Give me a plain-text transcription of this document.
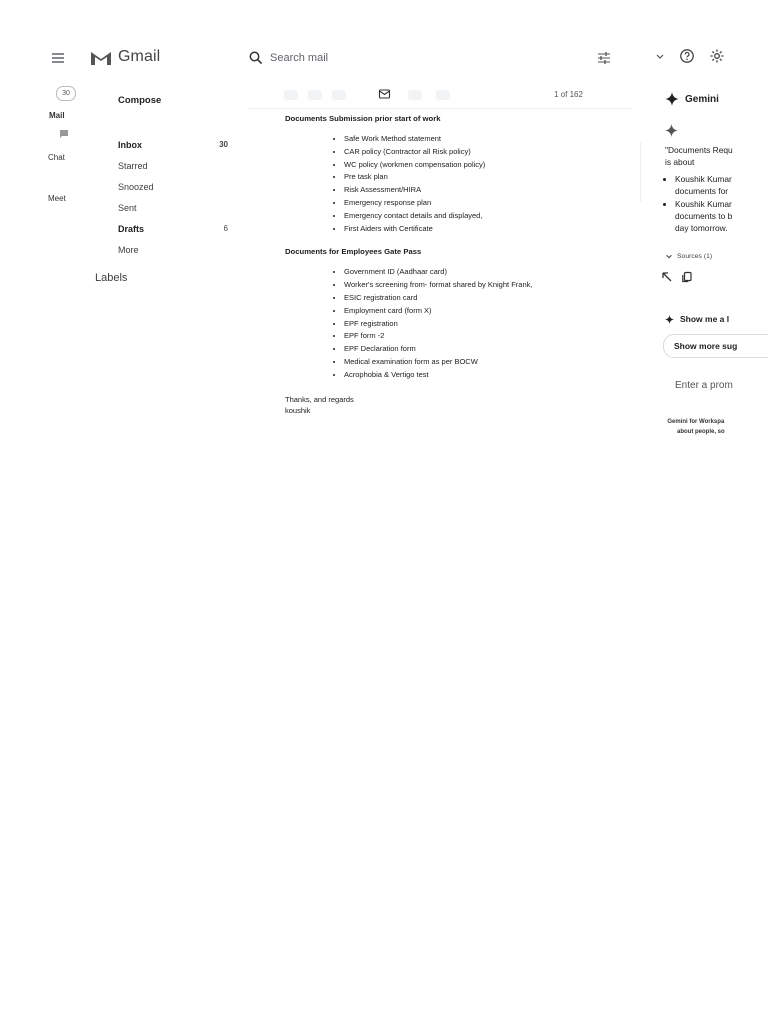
Gmail	Search mail
30
Mail
Chat
Meet
Compose
Inbox	30
Starred
Snoozed
Sent
Drafts	6
More
Labels
1 of 162

Documents Submission prior start of work

• Safe Work Method statement
• CAR policy (Contractor all Risk policy)
• WC policy (workmen compensation policy)
• Pre task plan
• Risk Assessment/HIRA
• Emergency response plan
• Emergency contact details and displayed,
• First Aiders with Certificate

Documents for Employees Gate Pass

• Government ID (Aadhaar card)
• Worker's screening from- format shared by Knight Frank,
• ESIC registration card
• Employment card (form X)
• EPF registration
• EPF form -2
• EPF Declaration form
• Medical examination form as per BOCW
• Acrophobia & Vertigo test
Thanks, and regards
koushik
Gemini
"Documents Requ
is about
• Koushik Kumar
documents for
• Koushik Kumar
documents to b
day tomorrow.
Sources (1)
Show me a l
Show more sug
Enter a prom
Gemini for Workspa
about people, so
